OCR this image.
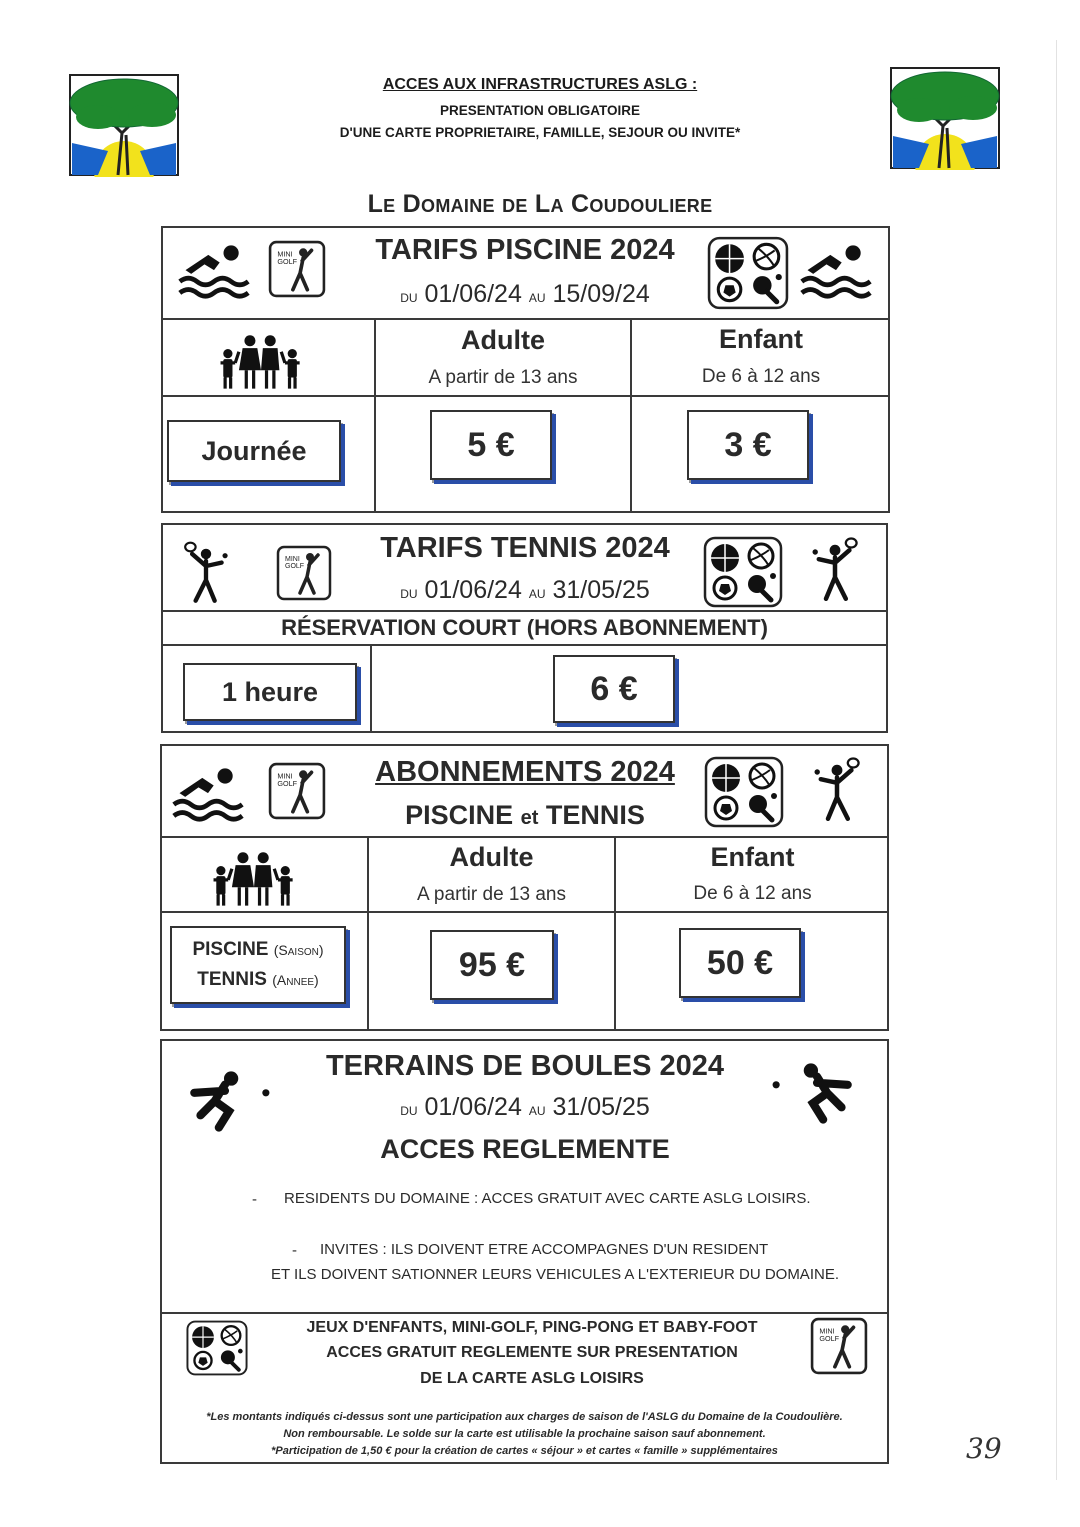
ACCES AUX INFRASTRUCTURES ASLG :
PRESENTATION OBLIGATOIRE
D'UNE CARTE PROPRIETAIRE, FAMILLE, SEJOUR OU INVITE*
Le Domaine de La Coudouliere
TARIFS PISCINE 2024
du 01/06/24 au 15/09/24
Adulte
A partir de 13 ans
Enfant
De 6 à 12 ans
Journée	5 €	3 €
TARIFS TENNIS 2024
du 01/06/24 au 31/05/25
RÉSERVATION COURT (HORS ABONNEMENT)
1 heure	6 €
ABONNEMENTS 2024
PISCINE et TENNIS
Adulte
A partir de 13 ans
Enfant
De 6 à 12 ans
PISCINE (Saison)
TENNIS (Annee)	95 €	50 €
TERRAINS DE BOULES 2024
du 01/06/24 au 31/05/25
ACCES REGLEMENTE
- RESIDENTS DU DOMAINE : ACCES GRATUIT AVEC CARTE ASLG LOISIRS.
- INVITES : ILS DOIVENT ETRE ACCOMPAGNES D'UN RESIDENT
ET ILS DOIVENT SATIONNER LEURS VEHICULES A L'EXTERIEUR DU DOMAINE.
JEUX D'ENFANTS, MINI-GOLF, PING-PONG ET BABY-FOOT
ACCES GRATUIT REGLEMENTE SUR PRESENTATION
DE LA CARTE ASLG LOISIRS
*Les montants indiqués ci-dessus sont une participation aux charges de saison de l'ASLG du Domaine de la Coudoulière.
Non remboursable. Le solde sur la carte est utilisable la prochaine saison sauf abonnement.
*Participation de 1,50 € pour la création de cartes « séjour » et cartes « famille » supplémentaires	39
